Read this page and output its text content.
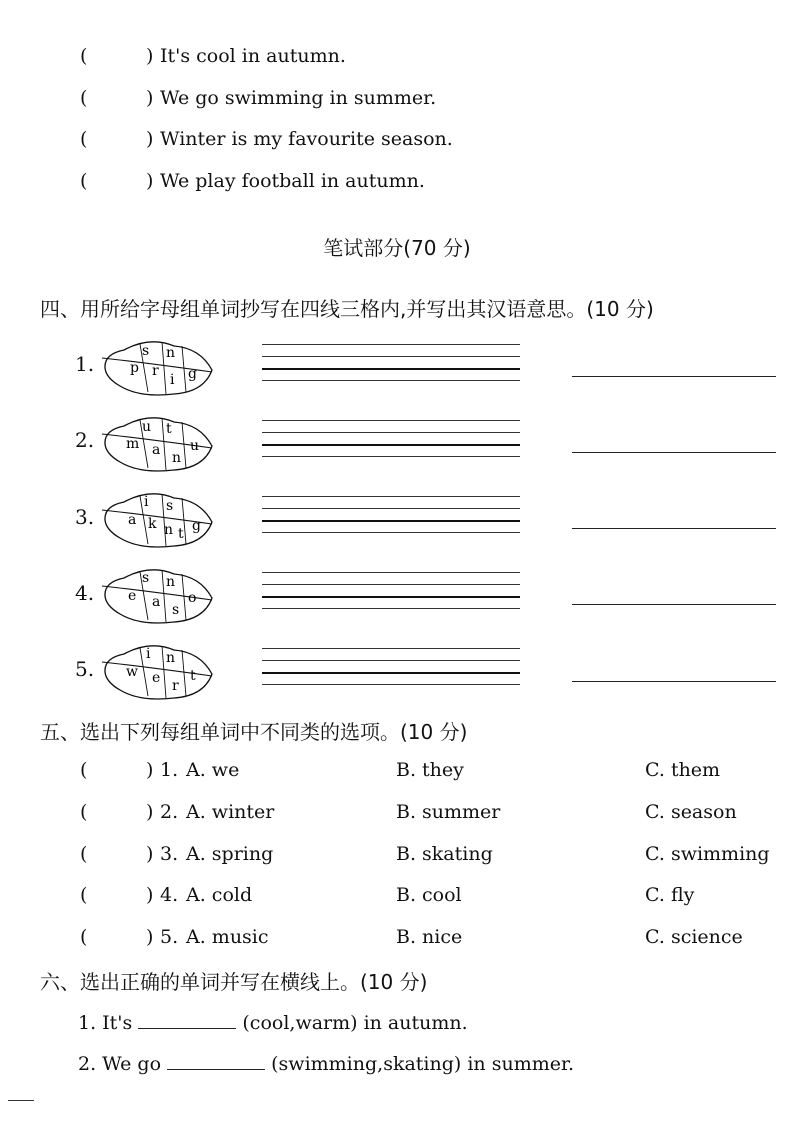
(	) It's cool in autumn.
(	) We go swimming in summer.
(	) Winter is my favourite season.
(	) We play football in autumn.
笔试部分(70 分)
四、用所给字母组单词抄写在四线三格内,并写出其汉语意思。(10 分)
1.
s n
p r
i g
2.
u t
m	u
a n
3.
i s
a k n t g
4.
s n
e	o
a s
5.
i n
w	t
e r
五、选出下列每组单词中不同类的选项。(10 分)
(	) 1. A. we	B. they	C. them
(	) 2. A. winter	B. summer	C. season
(	) 3. A. spring	B. skating	C. swimming
(	) 4. A. cold	B. cool	C. fly
(	) 5. A. music	B. nice	C. science
六、选出正确的单词并写在横线上。(10 分)
1. It's	(cool,warm) in autumn.
2. We go	(swimming,skating) in summer.
